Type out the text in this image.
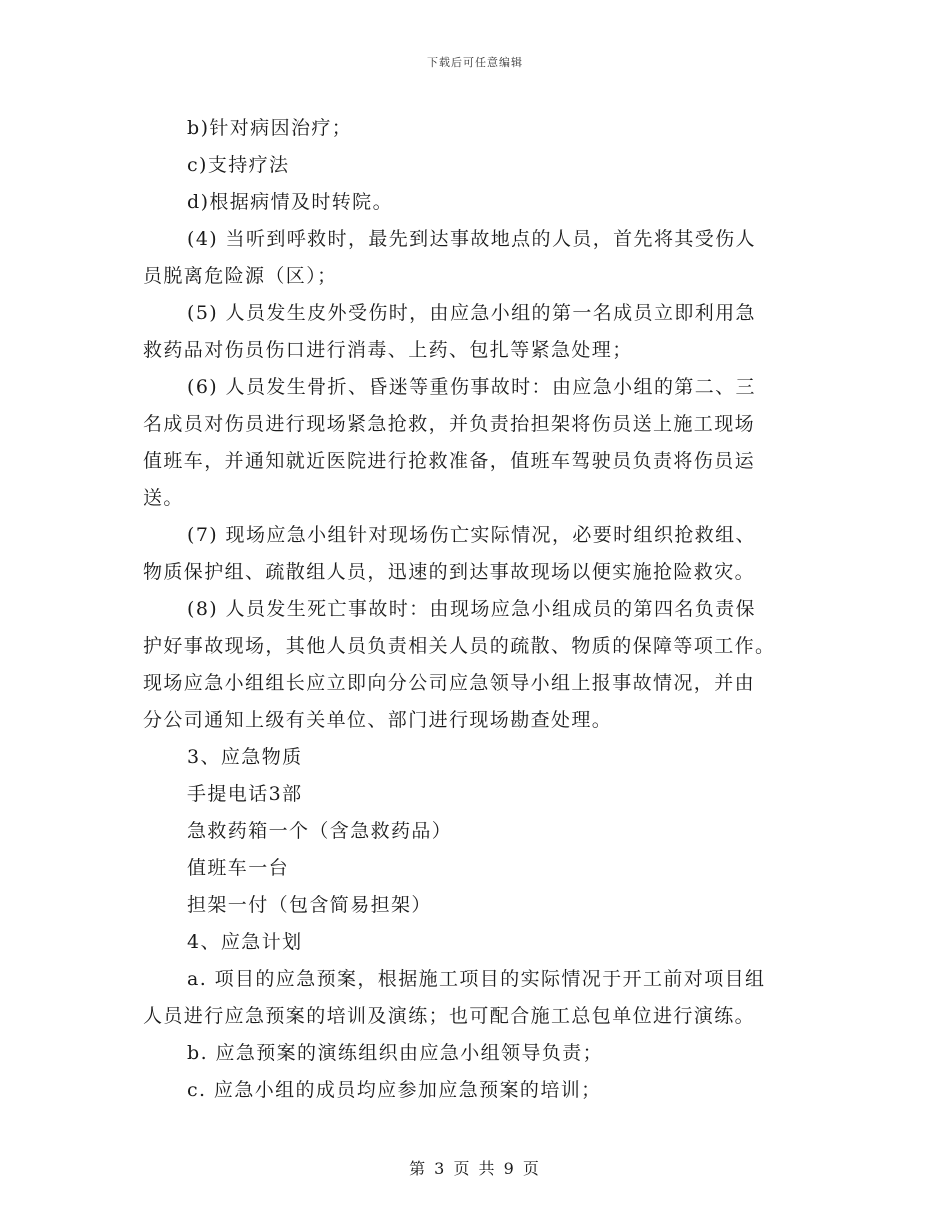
下载后可任意编辑

b)针对病因治疗；

c)支持疗法

d)根据病情及时转院。

(4) 当听到呼救时，最先到达事故地点的人员，首先将其受伤人
员脱离危险源（区）；
(5) 人员发生皮外受伤时，由应急小组的第一名成员立即利用急
救药品对伤员伤口进行消毒、上药、包扎等紧急处理；
(6) 人员发生骨折、昏迷等重伤事故时：由应急小组的第二、三
名成员对伤员进行现场紧急抢救，并负责抬担架将伤员送上施工现场
值班车，并通知就近医院进行抢救准备，值班车驾驶员负责将伤员运
送。
(7) 现场应急小组针对现场伤亡实际情况，必要时组织抢救组、
物质保护组、疏散组人员，迅速的到达事故现场以便实施抢险救灾。
(8) 人员发生死亡事故时：由现场应急小组成员的第四名负责保
护好事故现场，其他人员负责相关人员的疏散、物质的保障等项工作。
现场应急小组组长应立即向分公司应急领导小组上报事故情况，并由
分公司通知上级有关单位、部门进行现场勘查处理。

3、应急物质

手提电话3部

急救药箱一个（含急救药品）

值班车一台

担架一付（包含简易担架）

4、应急计划

a. 项目的应急预案，根据施工项目的实际情况于开工前对项目组
人员进行应急预案的培训及演练；也可配合施工总包单位进行演练。

b. 应急预案的演练组织由应急小组领导负责；

c. 应急小组的成员均应参加应急预案的培训；

第 3 页 共 9 页
